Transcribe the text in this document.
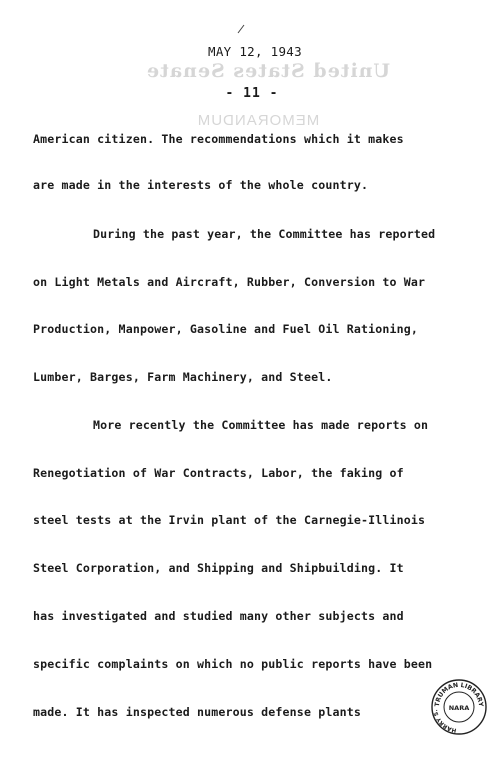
MAY 12, 1943
United States Senate
- 11 -
MEMORANDUM
American citizen. The recommendations which it makes
are made in the interests of the whole country.
During the past year, the Committee has reported
on Light Metals and Aircraft, Rubber, Conversion to War
Production, Manpower, Gasoline and Fuel Oil Rationing,
Lumber, Barges, Farm Machinery, and Steel.
More recently the Committee has made reports on
Renegotiation of War Contracts, Labor, the faking of
steel tests at the Irvin plant of the Carnegie-Illinois
Steel Corporation, and Shipping and Shipbuilding. It
has investigated and studied many other subjects and
specific complaints on which no public reports have been
made. It has inspected numerous defense plants
TRUMAN LIBRARY
HARRY S.	NARA
